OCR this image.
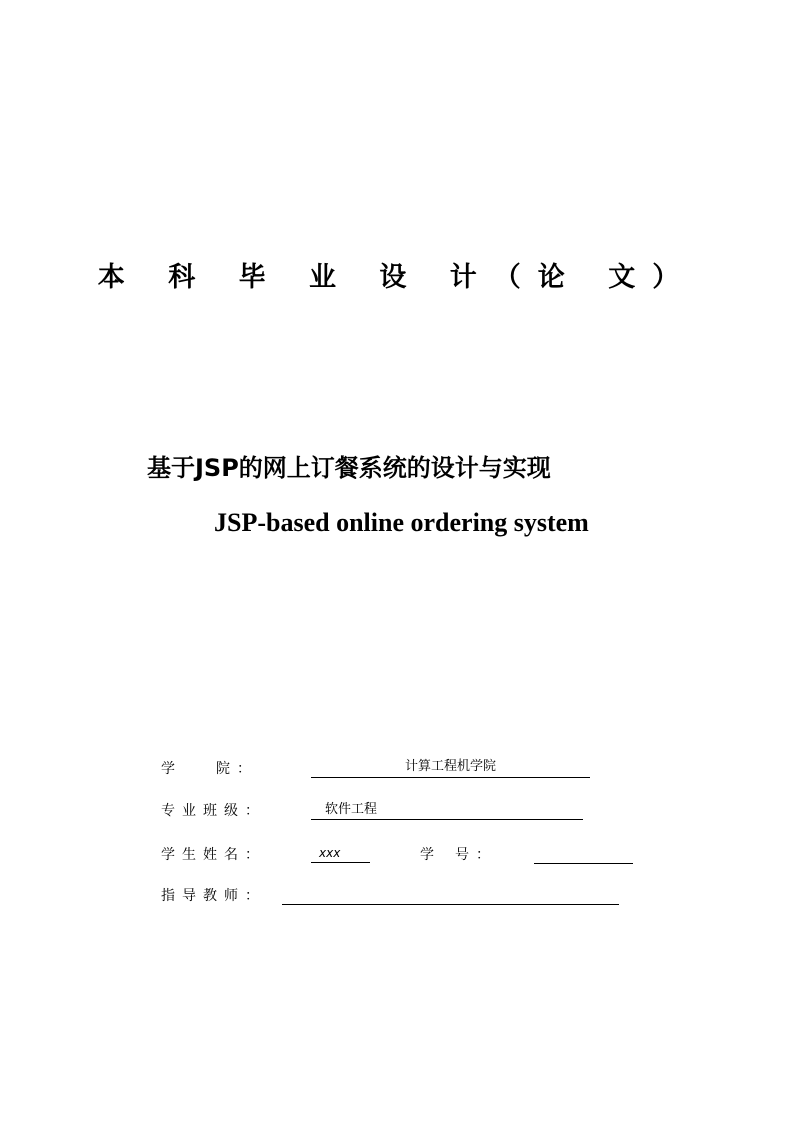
本 科 毕 业 设 计（论 文）
基于JSP的网上订餐系统的设计与实现
JSP-based online ordering system
学 院：	计算工程机学院
专业班级：	软件工程
学生姓名：	xxx	学 号：
指导教师：
